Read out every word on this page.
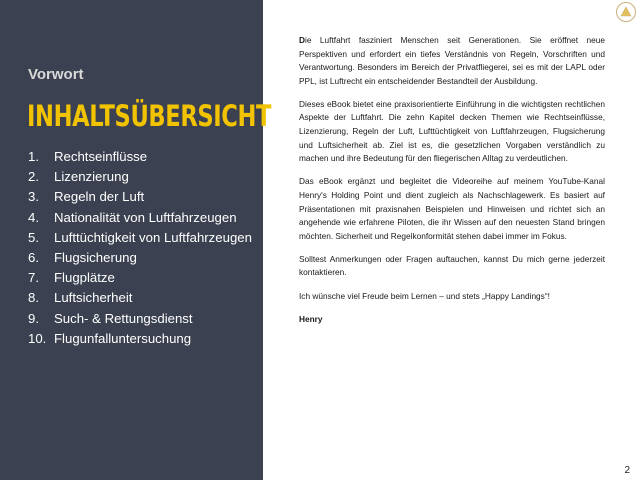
Vorwort
INHALTSÜBERSICHT
1.	Rechtseinflüsse
2.	Lizenzierung
3.	Regeln der Luft
4.	Nationalität von Luftfahrzeugen
5.	Lufttüchtigkeit von Luftfahrzeugen
6.	Flugsicherung
7.	Flugplätze
8.	Luftsicherheit
9.	Such- & Rettungsdienst
10. Flugunfalluntersuchung

Die Luftfahrt fasziniert Menschen seit Generationen. Sie eröffnet neue Perspektiven und erfordert ein tiefes Verständnis von Regeln, Vorschriften und Verantwortung. Besonders im Bereich der Privatfliegerei, sei es mit der LAPL oder PPL, ist Luftrecht ein entscheidender Bestandteil der Ausbildung.

Dieses eBook bietet eine praxisorientierte Einführung in die wichtigsten rechtlichen Aspekte der Luftfahrt. Die zehn Kapitel decken Themen wie Rechtseinflüsse, Lizenzierung, Regeln der Luft, Lufttüchtigkeit von Luftfahrzeugen, Flugsicherung und Luftsicherheit ab. Ziel ist es, die gesetzlichen Vorgaben verständlich zu machen und ihre Bedeutung für den fliegerischen Alltag zu verdeutlichen.

Das eBook ergänzt und begleitet die Videoreihe auf meinem YouTube-Kanal Henry's Holding Point und dient zugleich als Nachschlagewerk. Es basiert auf Präsentationen mit praxisnahen Beispielen und Hinweisen und richtet sich an angehende wie erfahrene Piloten, die ihr Wissen auf den neuesten Stand bringen möchten. Sicherheit und Regelkonformität stehen dabei immer im Fokus.

Solltest Anmerkungen oder Fragen auftauchen, kannst Du mich gerne jederzeit kontaktieren.

Ich wünsche viel Freude beim Lernen – und stets „Happy Landings“!

Henry

2
